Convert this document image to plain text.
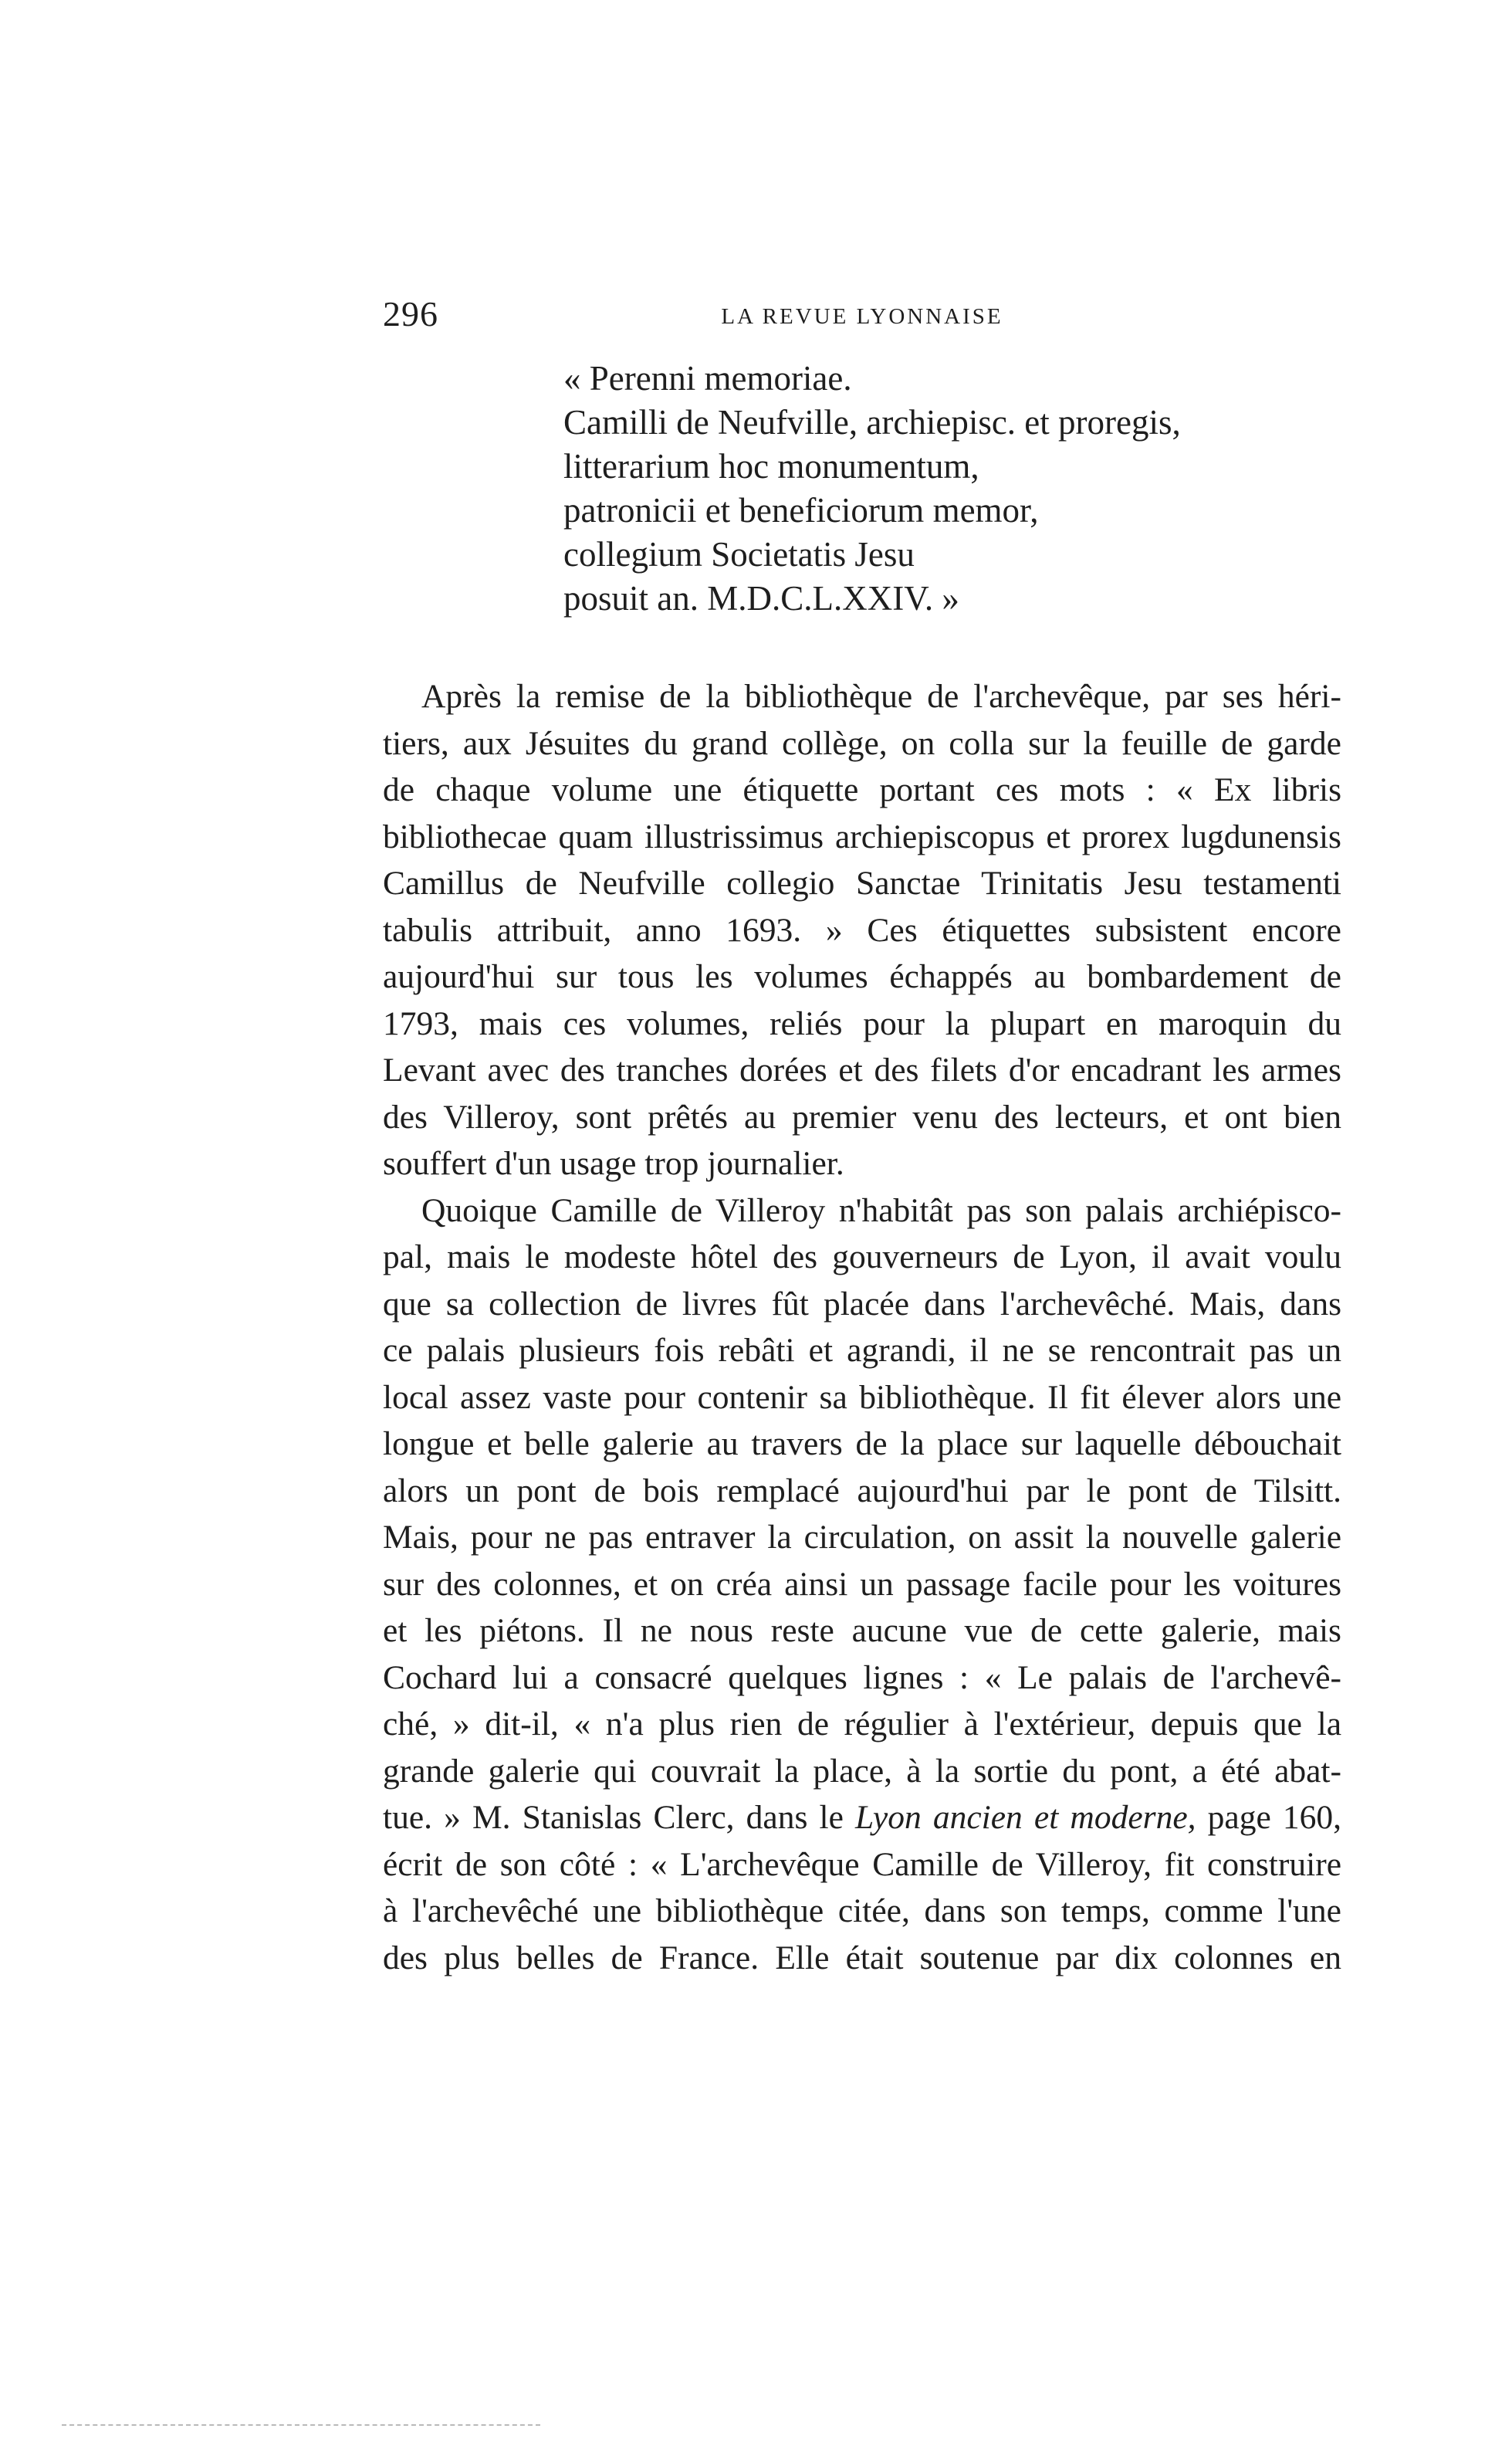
296	LA REVUE LYONNAISE
« Perenni memoriae.
Camilli de Neufville, archiepisc. et proregis,
litterarium hoc monumentum,
patronicii et beneficiorum memor,
collegium Societatis Jesu
posuit an. M.D.C.L.XXIV. »
Après la remise de la bibliothèque de l'archevêque, par ses héri-
tiers, aux Jésuites du grand collège, on colla sur la feuille de garde
de chaque volume une étiquette portant ces mots : « Ex libris
bibliothecae quam illustrissimus archiepiscopus et prorex lugdunensis
Camillus de Neufville collegio Sanctae Trinitatis Jesu testamenti
tabulis attribuit, anno 1693. » Ces étiquettes subsistent encore
aujourd'hui sur tous les volumes échappés au bombardement de
1793, mais ces volumes, reliés pour la plupart en maroquin du
Levant avec des tranches dorées et des filets d'or encadrant les armes
des Villeroy, sont prêtés au premier venu des lecteurs, et ont bien
souffert d'un usage trop journalier.
Quoique Camille de Villeroy n'habitât pas son palais archiépisco-
pal, mais le modeste hôtel des gouverneurs de Lyon, il avait voulu
que sa collection de livres fût placée dans l'archevêché. Mais, dans
ce palais plusieurs fois rebâti et agrandi, il ne se rencontrait pas un
local assez vaste pour contenir sa bibliothèque. Il fit élever alors une
longue et belle galerie au travers de la place sur laquelle débouchait
alors un pont de bois remplacé aujourd'hui par le pont de Tilsitt.
Mais, pour ne pas entraver la circulation, on assit la nouvelle galerie
sur des colonnes, et on créa ainsi un passage facile pour les voitures
et les piétons. Il ne nous reste aucune vue de cette galerie, mais
Cochard lui a consacré quelques lignes : « Le palais de l'archevê-
ché, » dit-il, « n'a plus rien de régulier à l'extérieur, depuis que la
grande galerie qui couvrait la place, à la sortie du pont, a été abat-
tue. » M. Stanislas Clerc, dans le Lyon ancien et moderne, page 160,
écrit de son côté : « L'archevêque Camille de Villeroy, fit construire
à l'archevêché une bibliothèque citée, dans son temps, comme l'une
des plus belles de France. Elle était soutenue par dix colonnes en
